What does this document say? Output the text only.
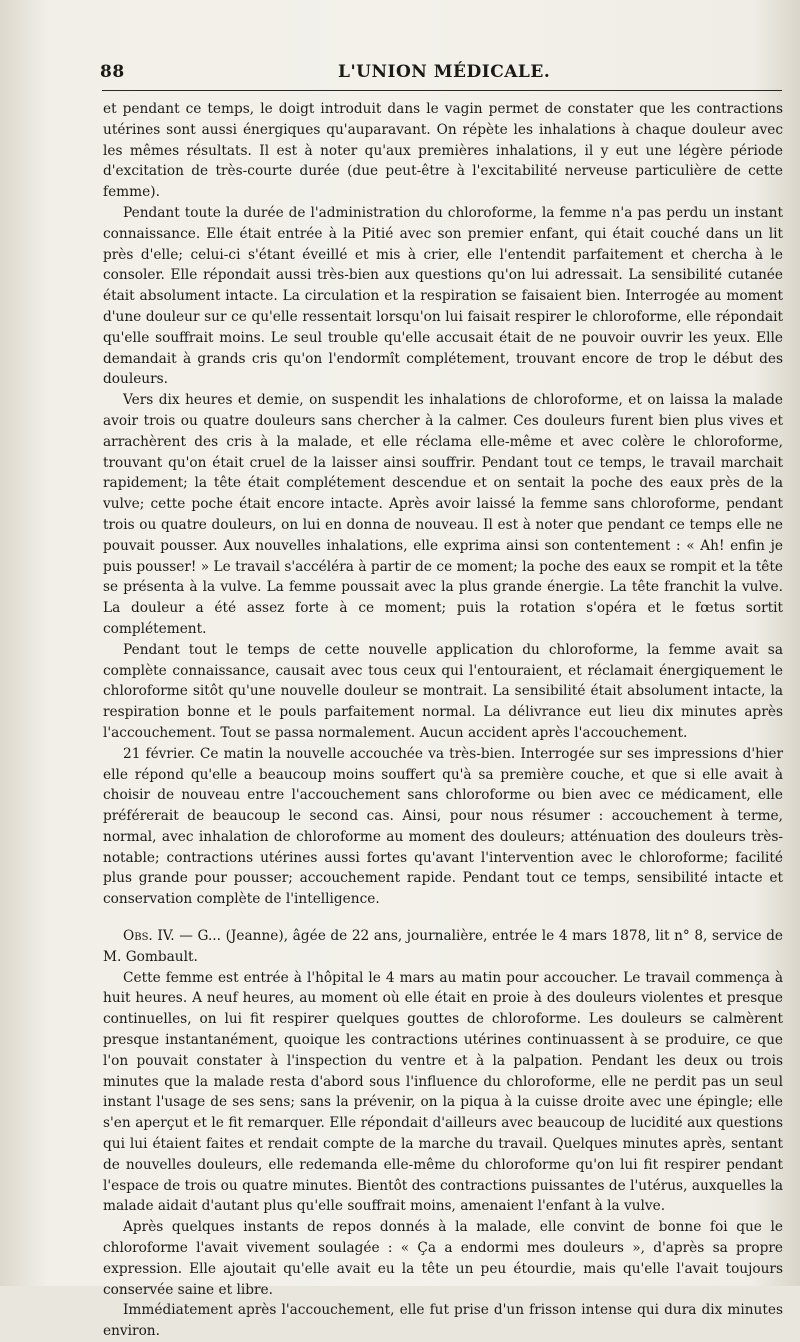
88	L'UNION MÉDICALE.

et pendant ce temps, le doigt introduit dans le vagin permet de constater que les contractions utérines sont aussi énergiques qu'auparavant. On répète les inhalations à chaque douleur avec les mêmes résultats. Il est à noter qu'aux premières inhalations, il y eut une légère période d'excitation de très-courte durée (due peut-être à l'excitabilité nerveuse particulière de cette femme).

Pendant toute la durée de l'administration du chloroforme, la femme n'a pas perdu un instant connaissance. Elle était entrée à la Pitié avec son premier enfant, qui était couché dans un lit près d'elle; celui-ci s'étant éveillé et mis à crier, elle l'entendit parfaitement et chercha à le consoler. Elle répondait aussi très-bien aux questions qu'on lui adressait. La sensibilité cutanée était absolument intacte. La circulation et la respiration se faisaient bien. Interrogée au moment d'une douleur sur ce qu'elle ressentait lorsqu'on lui faisait respirer le chloroforme, elle répondait qu'elle souffrait moins. Le seul trouble qu'elle accusait était de ne pouvoir ouvrir les yeux. Elle demandait à grands cris qu'on l'endormît complétement, trouvant encore de trop le début des douleurs.

Vers dix heures et demie, on suspendit les inhalations de chloroforme, et on laissa la malade avoir trois ou quatre douleurs sans chercher à la calmer. Ces douleurs furent bien plus vives et arrachèrent des cris à la malade, et elle réclama elle-même et avec colère le chloroforme, trouvant qu'on était cruel de la laisser ainsi souffrir. Pendant tout ce temps, le travail marchait rapidement; la tête était complétement descendue et on sentait la poche des eaux près de la vulve; cette poche était encore intacte. Après avoir laissé la femme sans chloroforme, pendant trois ou quatre douleurs, on lui en donna de nouveau. Il est à noter que pendant ce temps elle ne pouvait pousser. Aux nouvelles inhalations, elle exprima ainsi son contentement : « Ah! enfin je puis pousser! » Le travail s'accéléra à partir de ce moment; la poche des eaux se rompit et la tête se présenta à la vulve. La femme poussait avec la plus grande énergie. La tête franchit la vulve. La douleur a été assez forte à ce moment; puis la rotation s'opéra et le fœtus sortit complétement.

Pendant tout le temps de cette nouvelle application du chloroforme, la femme avait sa complète connaissance, causait avec tous ceux qui l'entouraient, et réclamait énergiquement le chloroforme sitôt qu'une nouvelle douleur se montrait. La sensibilité était absolument intacte, la respiration bonne et le pouls parfaitement normal. La délivrance eut lieu dix minutes après l'accouchement. Tout se passa normalement. Aucun accident après l'accouchement.

21 février. Ce matin la nouvelle accouchée va très-bien. Interrogée sur ses impressions d'hier elle répond qu'elle a beaucoup moins souffert qu'à sa première couche, et que si elle avait à choisir de nouveau entre l'accouchement sans chloroforme ou bien avec ce médicament, elle préférerait de beaucoup le second cas. Ainsi, pour nous résumer : accouchement à terme, normal, avec inhalation de chloroforme au moment des douleurs; atténuation des douleurs très-notable; contractions utérines aussi fortes qu'avant l'intervention avec le chloroforme; facilité plus grande pour pousser; accouchement rapide. Pendant tout ce temps, sensibilité intacte et conservation complète de l'intelligence.

Obs. IV. — G... (Jeanne), âgée de 22 ans, journalière, entrée le 4 mars 1878, lit n° 8, service de M. Gombault.

Cette femme est entrée à l'hôpital le 4 mars au matin pour accoucher. Le travail commença à huit heures. A neuf heures, au moment où elle était en proie à des douleurs violentes et presque continuelles, on lui fit respirer quelques gouttes de chloroforme. Les douleurs se calmèrent presque instantanément, quoique les contractions utérines continuassent à se produire, ce que l'on pouvait constater à l'inspection du ventre et à la palpation. Pendant les deux ou trois minutes que la malade resta d'abord sous l'influence du chloroforme, elle ne perdit pas un seul instant l'usage de ses sens; sans la prévenir, on la piqua à la cuisse droite avec une épingle; elle s'en aperçut et le fit remarquer. Elle répondait d'ailleurs avec beaucoup de lucidité aux questions qui lui étaient faites et rendait compte de la marche du travail. Quelques minutes après, sentant de nouvelles douleurs, elle redemanda elle-même du chloroforme qu'on lui fit respirer pendant l'espace de trois ou quatre minutes. Bientôt des contractions puissantes de l'utérus, auxquelles la malade aidait d'autant plus qu'elle souffrait moins, amenaient l'enfant à la vulve.

Après quelques instants de repos donnés à la malade, elle convint de bonne foi que le chloroforme l'avait vivement soulagée : « Ça a endormi mes douleurs », d'après sa propre expression. Elle ajoutait qu'elle avait eu la tête un peu étourdie, mais qu'elle l'avait toujours conservée saine et libre.

Immédiatement après l'accouchement, elle fut prise d'un frisson intense qui dura dix minutes environ.
